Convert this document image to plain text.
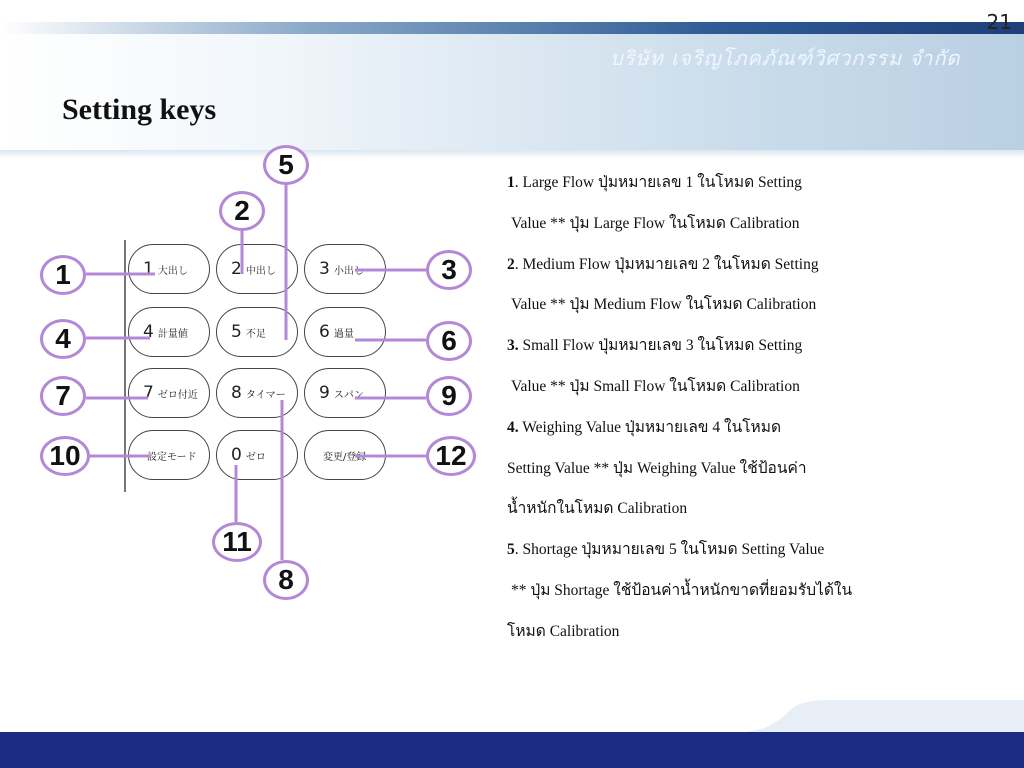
21
บริษัท เจริญโภคภัณฑ์วิศวกรรม จำกัด
Setting keys
1 大出し	2 中出し	3 小出し
4 計量値	5 不足	6 過量
7 ゼロ付近 8 タイマー 9 スパン
設定モード 0 ゼロ	変更/登録
1
2
3
4
5
6
7
8
9
10
11
12

1. Large Flow ปุ่มหมายเลข 1 ในโหมด Setting

Value ** ปุ่ม Large Flow ในโหมด Calibration

2. Medium Flow ปุ่มหมายเลข 2 ในโหมด Setting

Value ** ปุ่ม Medium Flow ในโหมด Calibration

3. Small Flow ปุ่มหมายเลข 3 ในโหมด Setting

Value ** ปุ่ม Small Flow ในโหมด Calibration

4. Weighing Value ปุ่มหมายเลข 4 ในโหมด

Setting Value ** ปุ่ม Weighing Value ใช้ป้อนค่า

น้ำหนักในโหมด Calibration

5. Shortage ปุ่มหมายเลข 5 ในโหมด Setting Value

** ปุ่ม Shortage ใช้ป้อนค่าน้ำหนักขาดที่ยอมรับได้ใน

โหมด Calibration
